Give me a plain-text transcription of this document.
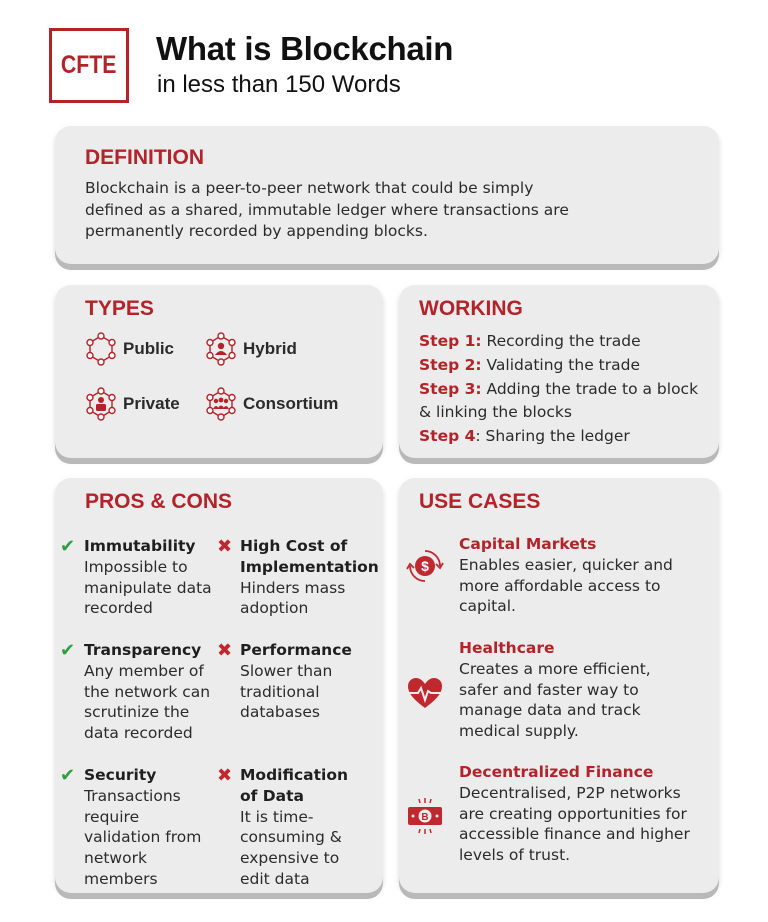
CFTE What is Blockchain
in less than 150 Words
DEFINITION
Blockchain is a peer-to-peer network that could be simply
defined as a shared, immutable ledger where transactions are
permanently recorded by appending blocks.
TYPES
Public	Hybrid
Private	Consortium
WORKING
Step 1: Recording the trade
Step 2: Validating the trade
Step 3: Adding the trade to a block & linking the blocks
Step 4: Sharing the ledger
PROS & CONS
✔ Immutability
Impossible to
manipulate data
recorded
✔ Transparency
Any member of
the network can
scrutinize the
data recorded
✔ Security
Transactions
require
validation from
network
members
✖ High Cost of
Implementation
Hinders mass
adoption
✖ Performance
Slower than
traditional
databases
✖ Modification
of Data
It is time-
consuming &
expensive to
edit data
USE CASES
$
Capital Markets
Enables easier, quicker and
more affordable access to
capital.
Healthcare
Creates a more efficient,
safer and faster way to
manage data and track
medical supply.
B
Decentralized Finance
Decentralised, P2P networks
are creating opportunities for
accessible finance and higher
levels of trust.
